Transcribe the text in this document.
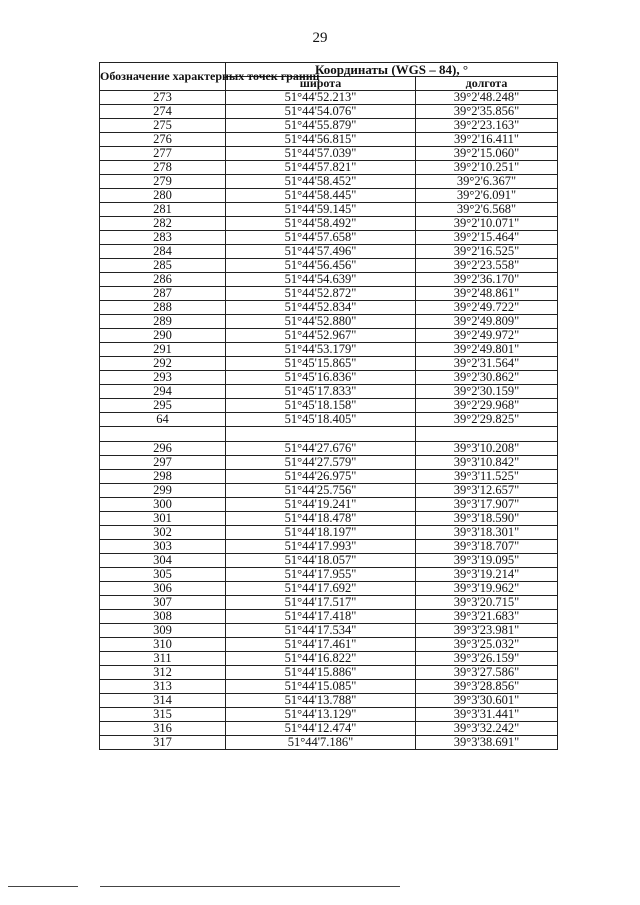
29
Обозначение характерных точек границ	Координаты (WGS – 84), °	
	широта	долгота
273	51°44'52.213"	39°2'48.248"
274	51°44'54.076"	39°2'35.856"
275	51°44'55.879"	39°2'23.163"
276	51°44'56.815"	39°2'16.411"
277	51°44'57.039"	39°2'15.060"
278	51°44'57.821"	39°2'10.251"
279	51°44'58.452"	39°2'6.367"
280	51°44'58.445"	39°2'6.091"
281	51°44'59.145"	39°2'6.568"
282	51°44'58.492"	39°2'10.071"
283	51°44'57.658"	39°2'15.464"
284	51°44'57.496"	39°2'16.525"
285	51°44'56.456"	39°2'23.558"
286	51°44'54.639"	39°2'36.170"
287	51°44'52.872"	39°2'48.861"
288	51°44'52.834"	39°2'49.722"
289	51°44'52.880"	39°2'49.809"
290	51°44'52.967"	39°2'49.972"
291	51°44'53.179"	39°2'49.801"
292	51°45'15.865"	39°2'31.564"
293	51°45'16.836"	39°2'30.862"
294	51°45'17.833"	39°2'30.159"
295	51°45'18.158"	39°2'29.968"
64	51°45'18.405"	39°2'29.825"

296	51°44'27.676"	39°3'10.208"
297	51°44'27.579"	39°3'10.842"
298	51°44'26.975"	39°3'11.525"
299	51°44'25.756"	39°3'12.657"
300	51°44'19.241"	39°3'17.907"
301	51°44'18.478"	39°3'18.590"
302	51°44'18.197"	39°3'18.301"
303	51°44'17.993"	39°3'18.707"
304	51°44'18.057"	39°3'19.095"
305	51°44'17.955"	39°3'19.214"
306	51°44'17.692"	39°3'19.962"
307	51°44'17.517"	39°3'20.715"
308	51°44'17.418"	39°3'21.683"
309	51°44'17.534"	39°3'23.981"
310	51°44'17.461"	39°3'25.032"
311	51°44'16.822"	39°3'26.159"
312	51°44'15.886"	39°3'27.586"
313	51°44'15.085"	39°3'28.856"
314	51°44'13.788"	39°3'30.601"
315	51°44'13.129"	39°3'31.441"
316	51°44'12.474"	39°3'32.242"
317	51°44'7.186"	39°3'38.691"
